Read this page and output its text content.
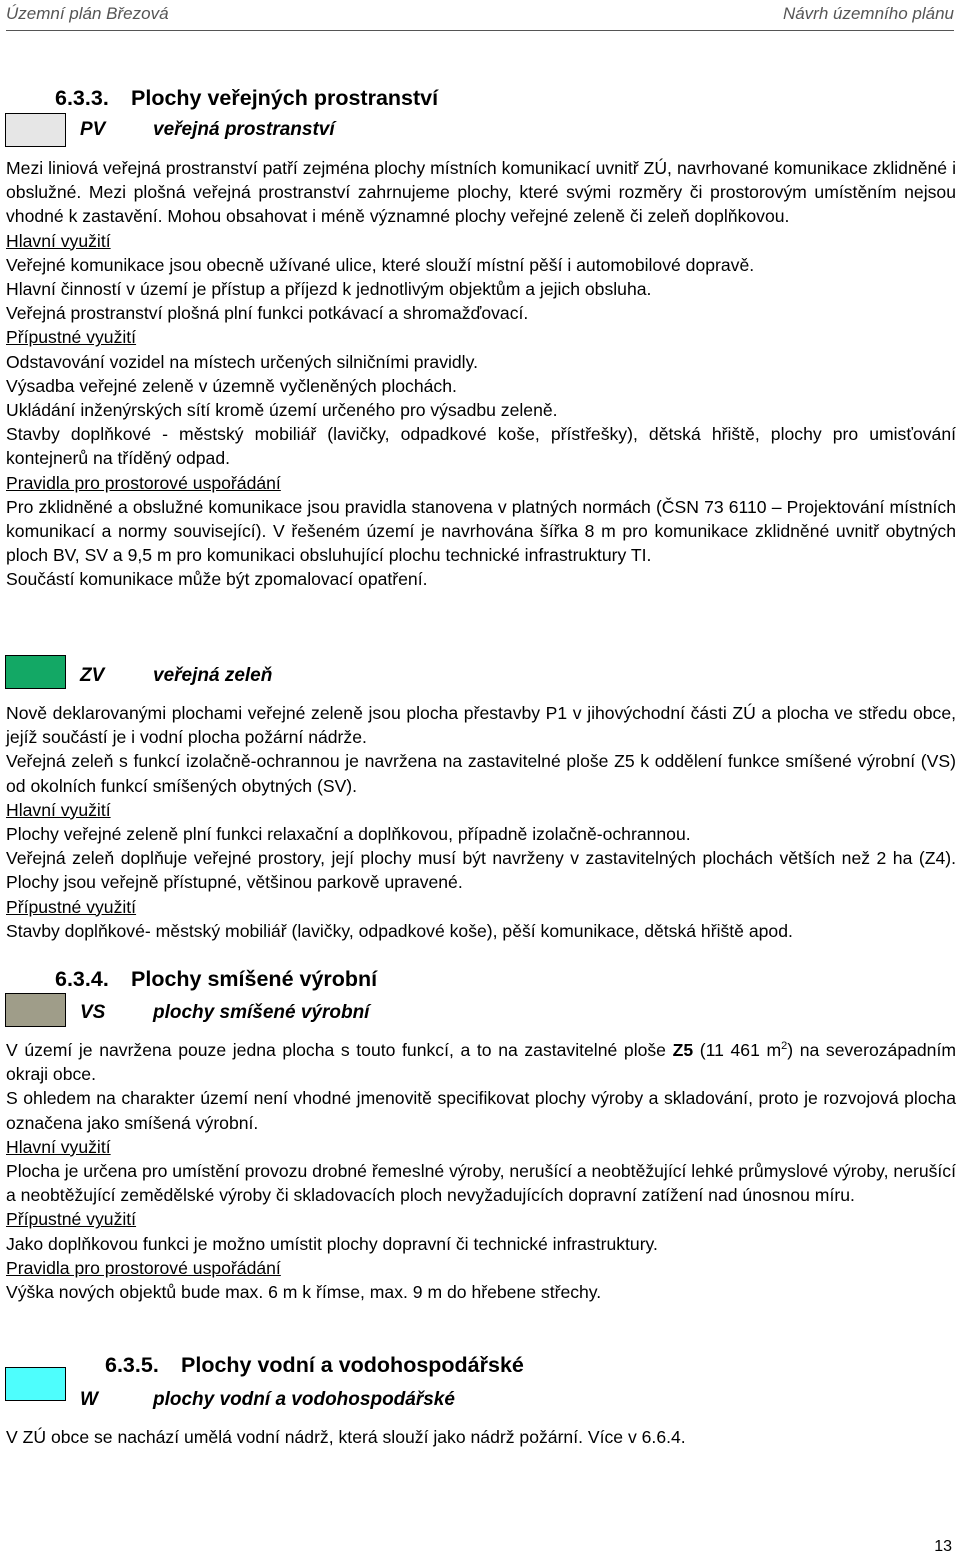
Územní plán Březová	Návrh územního plánu
6.3.3. Plochy veřejných prostranství
PV	veřejná prostranství

Mezi liniová veřejná prostranství patří zejména plochy místních komunikací uvnitř ZÚ, navrhované komunikace zklidněné i obslužné. Mezi plošná veřejná prostranství zahrnujeme plochy, které svými rozměry či prostorovým umístěním nejsou vhodné k zastavění. Mohou obsahovat i méně významné plochy veřejné zeleně či zeleň doplňkovou.

Hlavní využití

Veřejné komunikace jsou obecně užívané ulice, které slouží místní pěší i automobilové dopravě.

Hlavní činností v území je přístup a příjezd k jednotlivým objektům a jejich obsluha.

Veřejná prostranství plošná plní funkci potkávací a shromažďovací.

Přípustné využití

Odstavování vozidel na místech určených silničními pravidly.

Výsadba veřejné zeleně v územně vyčleněných plochách.

Ukládání inženýrských sítí kromě území určeného pro výsadbu zeleně.

Stavby doplňkové - městský mobiliář (lavičky, odpadkové koše, přístřešky), dětská hřiště, plochy pro umisťování kontejnerů na tříděný odpad.

Pravidla pro prostorové uspořádání

Pro zklidněné a obslužné komunikace jsou pravidla stanovena v platných normách (ČSN 73 6110 – Projektování místních komunikací a normy související). V řešeném území je navrhována šířka 8 m pro komunikace zklidněné uvnitř obytných ploch BV, SV a 9,5 m pro komunikaci obsluhující plochu technické infrastruktury TI.

Součástí komunikace může být zpomalovací opatření.

ZV	veřejná zeleň

Nově deklarovanými plochami veřejné zeleně jsou plocha přestavby P1 v jihovýchodní části ZÚ a plocha ve středu obce, jejíž součástí je i vodní plocha požární nádrže.

Veřejná zeleň s funkcí izolačně-ochrannou je navržena na zastavitelné ploše Z5 k oddělení funkce smíšené výrobní (VS) od okolních funkcí smíšených obytných (SV).

Hlavní využití

Plochy veřejné zeleně plní funkci relaxační a doplňkovou, případně izolačně-ochrannou.

Veřejná zeleň doplňuje veřejné prostory, její plochy musí být navrženy v zastavitelných plochách větších než 2 ha (Z4). Plochy jsou veřejně přístupné, většinou parkově upravené.

Přípustné využití

Stavby doplňkové- městský mobiliář (lavičky, odpadkové koše), pěší komunikace, dětská hřiště apod.

6.3.4. Plochy smíšené výrobní
VS	plochy smíšené výrobní

V území je navržena pouze jedna plocha s touto funkcí, a to na zastavitelné ploše Z5 (11 461 $m^2$) na severozápadním okraji obce.

S ohledem na charakter území není vhodné jmenovitě specifikovat plochy výroby a skladování, proto je rozvojová plocha označena jako smíšená výrobní.

Hlavní využití

Plocha je určena pro umístění provozu drobné řemeslné výroby, nerušící a neobtěžující lehké průmyslové výroby, nerušící a neobtěžující zemědělské výroby či skladovacích ploch nevyžadujících dopravní zatížení nad únosnou míru.

Přípustné využití

Jako doplňkovou funkci je možno umístit plochy dopravní či technické infrastruktury.

Pravidla pro prostorové uspořádání

Výška nových objektů bude max. 6 m k římse, max. 9 m do hřebene střechy.

6.3.5. Plochy vodní a vodohospodářské
W	plochy vodní a vodohospodářské

V ZÚ obce se nachází umělá vodní nádrž, která slouží jako nádrž požární. Více v 6.6.4.

13
